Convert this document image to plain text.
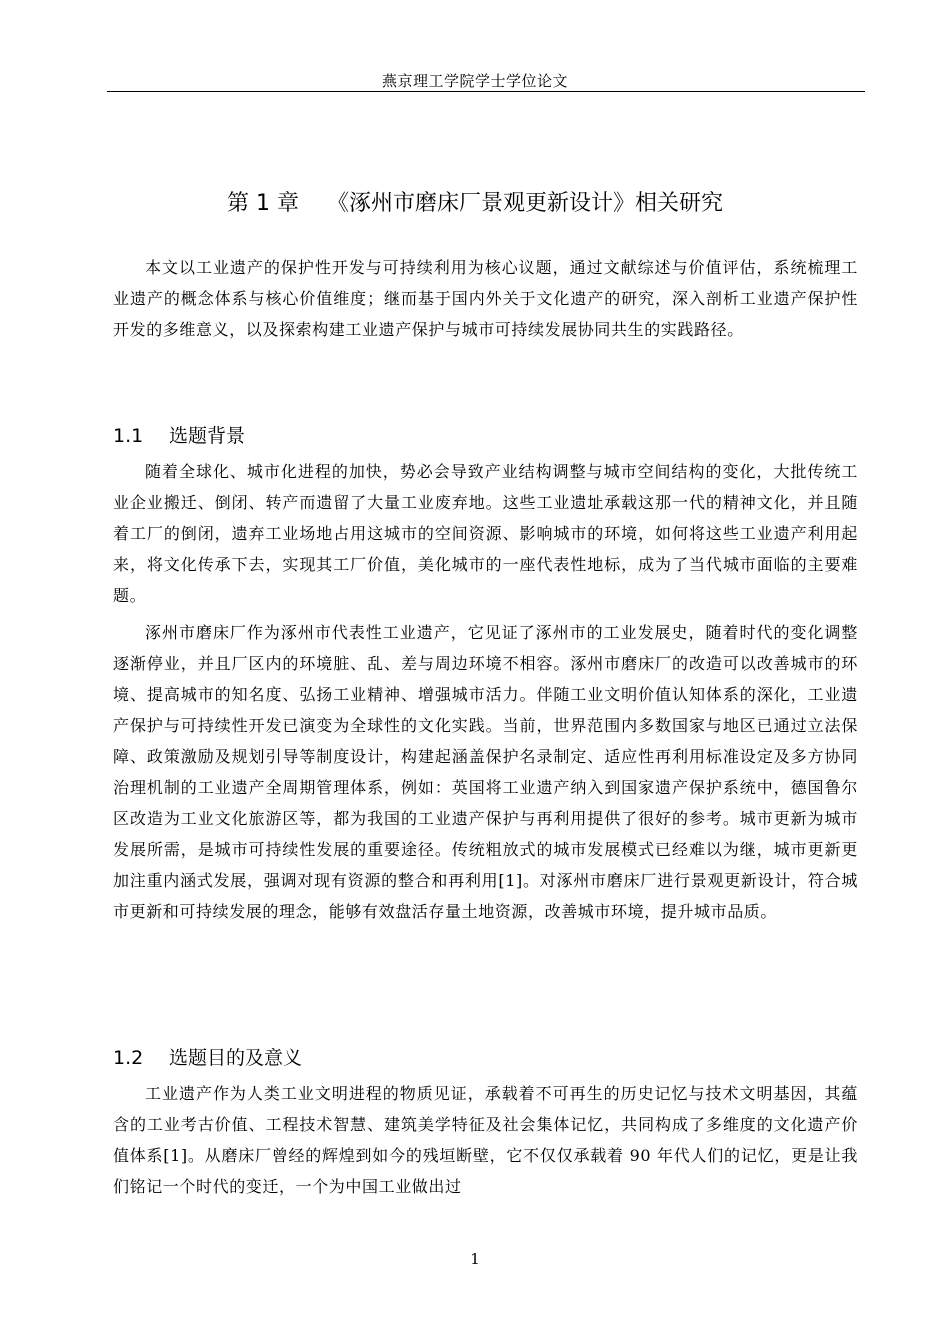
燕京理工学院学士学位论文
第 1 章 《涿州市磨床厂景观更新设计》相关研究

本文以工业遗产的保护性开发与可持续利用为核心议题，通过文献综述与价值评估，系统梳理工业遗产的概念体系与核心价值维度；继而基于国内外关于文化遗产的研究，深入剖析工业遗产保护性开发的多维意义，以及探索构建工业遗产保护与城市可持续发展协同共生的实践路径。

1.1 选题背景

随着全球化、城市化进程的加快，势必会导致产业结构调整与城市空间结构的变化，大批传统工业企业搬迁、倒闭、转产而遗留了大量工业废弃地。这些工业遗址承载这那一代的精神文化，并且随着工厂的倒闭，遗弃工业场地占用这城市的空间资源、影响城市的环境，如何将这些工业遗产利用起来，将文化传承下去，实现其工厂价值，美化城市的一座代表性地标，成为了当代城市面临的主要难题。

涿州市磨床厂作为涿州市代表性工业遗产，它见证了涿州市的工业发展史，随着时代的变化调整逐渐停业，并且厂区内的环境脏、乱、差与周边环境不相容。涿州市磨床厂的改造可以改善城市的环境、提高城市的知名度、弘扬工业精神、增强城市活力。伴随工业文明价值认知体系的深化，工业遗产保护与可持续性开发已演变为全球性的文化实践。当前，世界范围内多数国家与地区已通过立法保障、政策激励及规划引导等制度设计，构建起涵盖保护名录制定、适应性再利用标准设定及多方协同治理机制的工业遗产全周期管理体系，例如：英国将工业遗产纳入到国家遗产保护系统中，德国鲁尔区改造为工业文化旅游区等，都为我国的工业遗产保护与再利用提供了很好的参考。城市更新为城市发展所需，是城市可持续性发展的重要途径。传统粗放式的城市发展模式已经难以为继，城市更新更加注重内涵式发展，强调对现有资源的整合和再利用[1]。对涿州市磨床厂进行景观更新设计，符合城市更新和可持续发展的理念，能够有效盘活存量土地资源，改善城市环境，提升城市品质。

1.2 选题目的及意义

工业遗产作为人类工业文明进程的物质见证，承载着不可再生的历史记忆与技术文明基因，其蕴含的工业考古价值、工程技术智慧、建筑美学特征及社会集体记忆，共同构成了多维度的文化遗产价值体系[1]。从磨床厂曾经的辉煌到如今的残垣断壁，它不仅仅承载着 90 年代人们的记忆，更是让我们铭记一个时代的变迁，一个为中国工业做出过

1
